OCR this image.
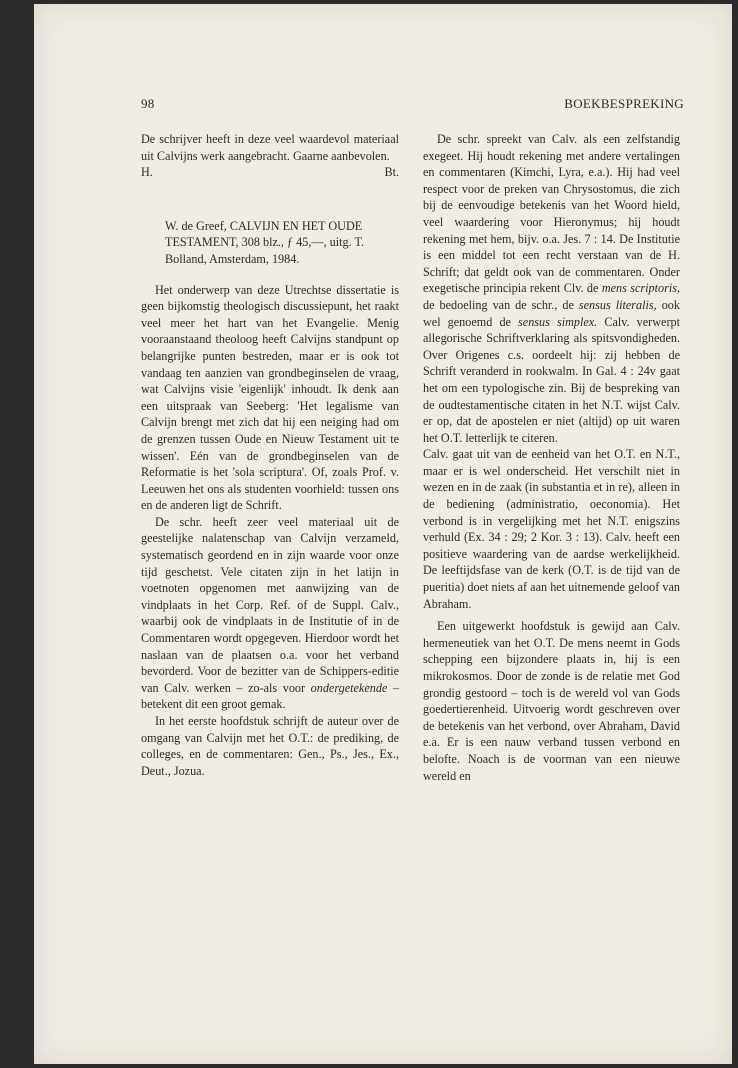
98	BOEKBESPREKING

De schrijver heeft in deze veel waardevol materiaal uit Calvijns werk aangebracht. Gaarne aanbevolen.

H.	Bt.

W. de Greef, CALVIJN EN HET OUDE TESTAMENT, 308 blz., ƒ 45,—, uitg. T. Bolland, Amsterdam, 1984.

Het onderwerp van deze Utrechtse dissertatie is geen bijkomstig theologisch discussiepunt, het raakt veel meer het hart van het Evangelie. Menig vooraanstaand theoloog heeft Calvijns standpunt op belangrijke punten bestreden, maar er is ook tot vandaag ten aanzien van grondbeginselen de vraag, wat Calvijns visie 'eigenlijk' inhoudt. Ik denk aan een uitspraak van Seeberg: 'Het legalisme van Calvijn brengt met zich dat hij een neiging had om de grenzen tussen Oude en Nieuw Testament uit te wissen'. Eén van de grondbeginselen van de Reformatie is het 'sola scriptura'. Of, zoals Prof. v. Leeuwen het ons als studenten voorhield: tussen ons en de anderen ligt de Schrift.

De schr. heeft zeer veel materiaal uit de geestelijke nalatenschap van Calvijn verzameld, systematisch geordend en in zijn waarde voor onze tijd geschetst. Vele citaten zijn in het latijn in voetnoten opgenomen met aanwijzing van de vindplaats in het Corp. Ref. of de Suppl. Calv., waarbij ook de vindplaats in de Institutie of in de Commentaren wordt opgegeven. Hierdoor wordt het naslaan van de plaatsen o.a. voor het verband bevorderd. Voor de bezitter van de Schippers-editie van Calv. werken – zo-als voor ondergetekende – betekent dit een groot gemak.

In het eerste hoofdstuk schrijft de auteur over de omgang van Calvijn met het O.T.: de prediking, de colleges, en de commentaren: Gen., Ps., Jes., Ex., Deut., Jozua.

De schr. spreekt van Calv. als een zelfstandig exegeet. Hij houdt rekening met andere vertalingen en commentaren (Kimchi, Lyra, e.a.). Hij had veel respect voor de preken van Chrysostomus, die zich bij de eenvoudige betekenis van het Woord hield, veel waardering voor Hieronymus; hij houdt rekening met hem, bijv. o.a. Jes. 7 : 14. De Institutie is een middel tot een recht verstaan van de H. Schrift; dat geldt ook van de commentaren. Onder exegetische principia rekent Clv. de mens scriptoris, de bedoeling van de schr., de sensus literalis, ook wel genoemd de sensus simplex. Calv. verwerpt allegorische Schriftverklaring als spitsvondigheden. Over Origenes c.s. oordeelt hij: zij hebben de Schrift veranderd in rookwalm. In Gal. 4 : 24v gaat het om een typologische zin. Bij de bespreking van de oudtestamentische citaten in het N.T. wijst Calv. er op, dat de apostelen er niet (altijd) op uit waren het O.T. letterlijk te citeren.

Calv. gaat uit van de eenheid van het O.T. en N.T., maar er is wel onderscheid. Het verschilt niet in wezen en in de zaak (in substantia et in re), alleen in de bediening (administratio, oeconomia). Het verbond is in vergelijking met het N.T. enigszins verhuld (Ex. 34 : 29; 2 Kor. 3 : 13). Calv. heeft een positieve waardering van de aardse werkelijkheid. De leeftijdsfase van de kerk (O.T. is de tijd van de pueritia) doet niets af aan het uitnemende geloof van Abraham.

Een uitgewerkt hoofdstuk is gewijd aan Calv. hermeneutiek van het O.T. De mens neemt in Gods schepping een bijzondere plaats in, hij is een mikrokosmos. Door de zonde is de relatie met God grondig gestoord – toch is de wereld vol van Gods goedertierenheid. Uitvoerig wordt geschreven over de betekenis van het verbond, over Abraham, David e.a. Er is een nauw verband tussen verbond en belofte. Noach is de voorman van een nieuwe wereld en
